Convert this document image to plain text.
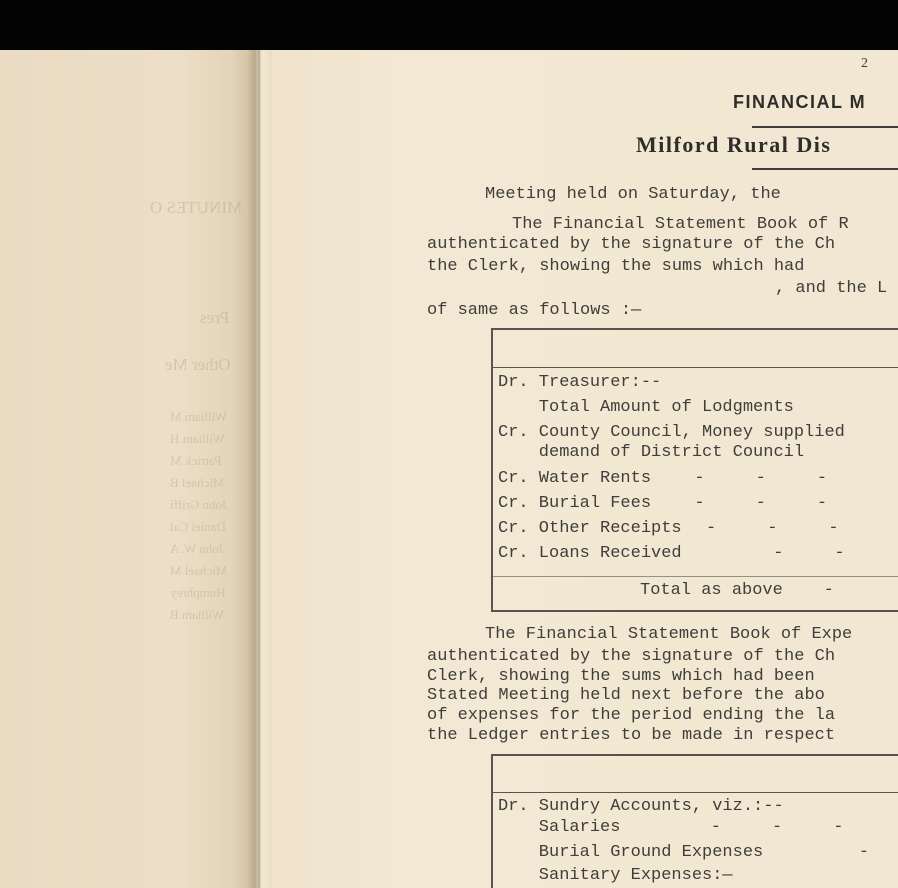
MINUTES O
Pres
Other Me
William M
William H
Patrick M
Michael B
John Griffi
Daniel Cal
John W. A
Michael M
Humphrey
William B
2
FINANCIAL M
Milford Rural Dis
Meeting held on Saturday, the
The Financial Statement Book of R
authenticated by the signature of the Ch
the Clerk, showing the sums which had
, and the L
of same as follows :—
Dr. Treasurer:--
Total Amount of Lodgments
Cr. County Council, Money supplied
demand of District Council
Cr. Water Rents -     -     -
Cr. Burial Fees -     -     -
Cr. Other Receipts -     -     -
Cr. Loans Received -     -
Total as above    -
The Financial Statement Book of Expe
authenticated by the signature of the Ch
Clerk, showing the sums which had been
Stated Meeting held next before the abo
of expenses for the period ending the la
the Ledger entries to be made in respect
Dr. Sundry Accounts, viz.:--
Salaries	-     -     -
Burial Ground Expenses	-
Sanitary Expenses:—
